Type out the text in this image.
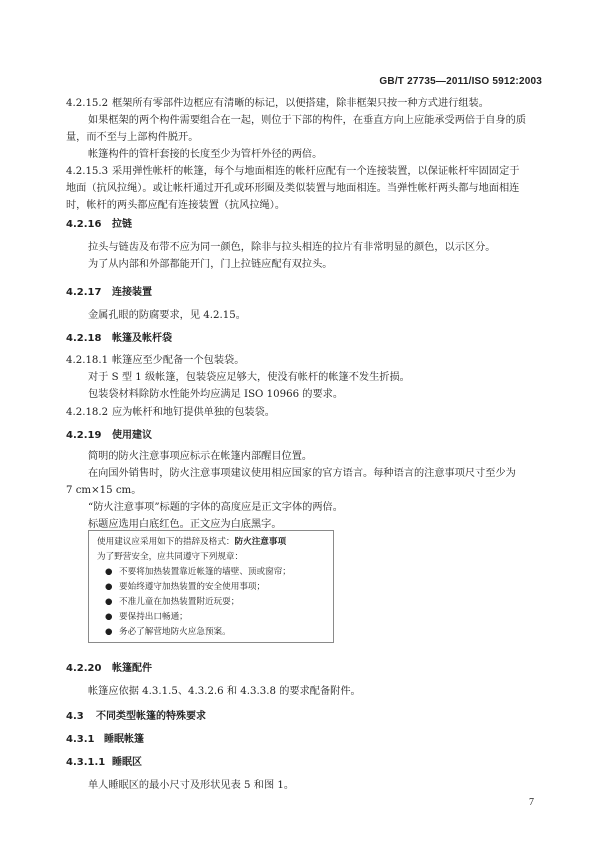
GB/T 27735—2011/ISO 5912:2003
4.2.15.2 框架所有零部件边框应有清晰的标记，以便搭建，除非框架只按一种方式进行组装。
如果框架的两个构件需要组合在一起，则位于下部的构件，在垂直方向上应能承受两倍于自身的质
量，而不至与上部构件脱开。
帐篷构件的管杆套接的长度至少为管杆外径的两倍。
4.2.15.3 采用弹性帐杆的帐篷，每个与地面相连的帐杆应配有一个连接装置，以保证帐杆牢固固定于
地面（抗风拉绳）。或让帐杆通过开孔或环形圈及类似装置与地面相连。当弹性帐杆两头都与地面相连
时，帐杆的两头都应配有连接装置（抗风拉绳）。
4.2.16 拉链
拉头与链齿及布带不应为同一颜色，除非与拉头相连的拉片有非常明显的颜色，以示区分。
为了从内部和外部都能开门，门上拉链应配有双拉头。
4.2.17 连接装置
金属孔眼的防腐要求，见 4.2.15。
4.2.18 帐篷及帐杆袋
4.2.18.1 帐篷应至少配备一个包装袋。
对于 S 型 1 级帐篷，包装袋应足够大，使没有帐杆的帐篷不发生折损。
包装袋材料除防水性能外均应满足 ISO 10966 的要求。
4.2.18.2 应为帐杆和地钉提供单独的包装袋。
4.2.19 使用建议
简明的防火注意事项应标示在帐篷内部醒目位置。
在向国外销售时，防火注意事项建议使用相应国家的官方语言。每种语言的注意事项尺寸至少为
7 cm×15 cm。
“防火注意事项”标题的字体的高度应是正文字体的两倍。
标题应选用白底红色。正文应为白底黑字。
使用建议应采用如下的措辞及格式：防火注意事项
为了野营安全，应共同遵守下列规章：
● 不要将加热装置靠近帐篷的墙壁、顶或窗帘；
● 要始终遵守加热装置的安全使用事项；
● 不准儿童在加热装置附近玩耍；
● 要保持出口畅通；
● 务必了解营地防火应急预案。
4.2.20 帐篷配件
帐篷应依据 4.3.1.5、4.3.2.6 和 4.3.3.8 的要求配备附件。
4.3 不同类型帐篷的特殊要求
4.3.1 睡眠帐篷
4.3.1.1 睡眠区
单人睡眠区的最小尺寸及形状见表 5 和图 1。
7
